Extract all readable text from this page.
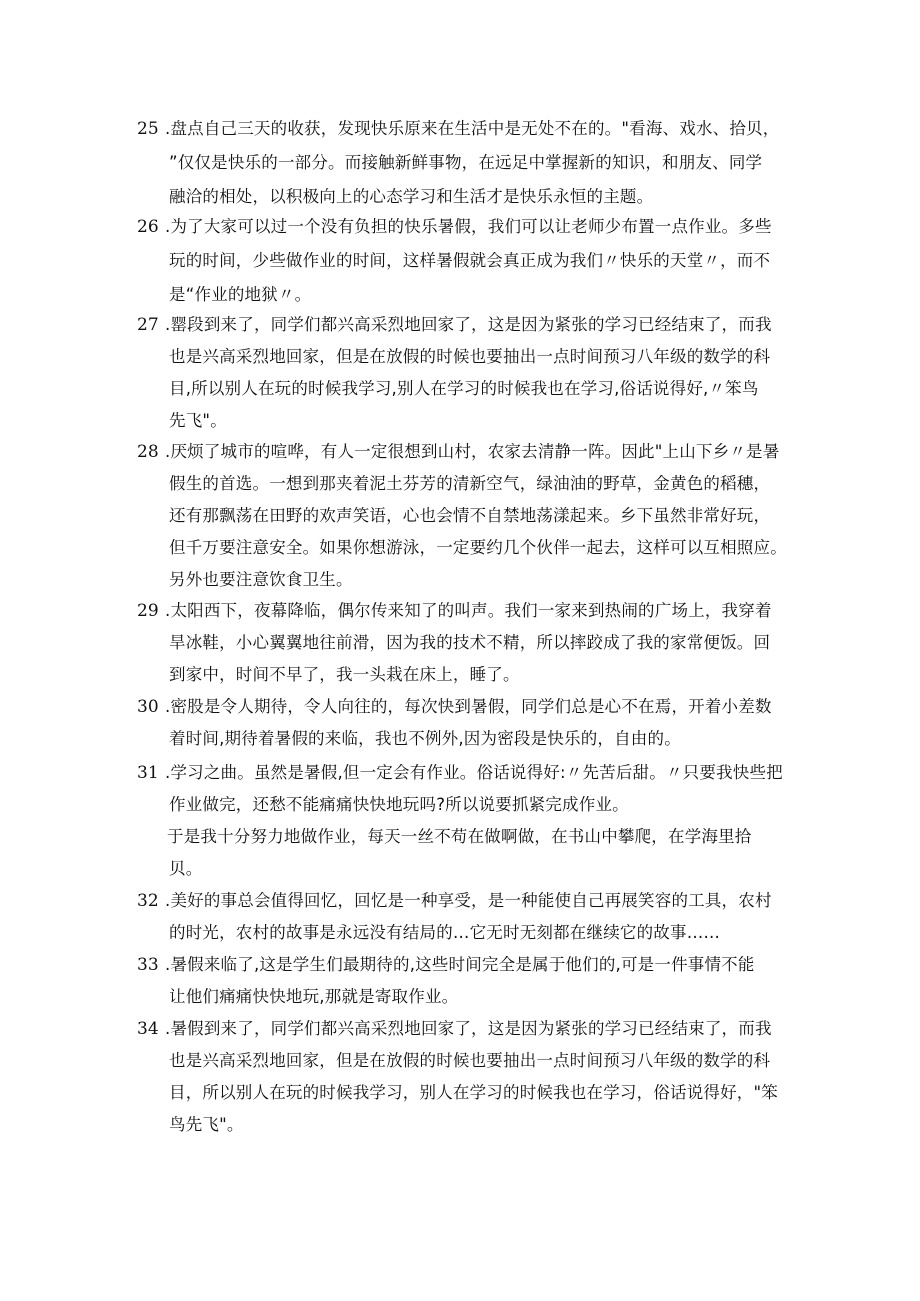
25 .盘点自己三天的收获，发现快乐原来在生活中是无处不在的。"看海、戏水、拾贝，
”仅仅是快乐的一部分。而接触新鲜事物，在远足中掌握新的知识，和朋友、同学
融洽的相处，以积极向上的心态学习和生活才是快乐永恒的主题。
26 .为了大家可以过一个没有负担的快乐暑假，我们可以让老师少布置一点作业。多些
玩的时间，少些做作业的时间，这样暑假就会真正成为我们〃快乐的天堂〃，而不
是“作业的地狱〃。
27 .罂段到来了，同学们都兴高采烈地回家了，这是因为紧张的学习已经结束了，而我
也是兴高采烈地回家，但是在放假的时候也要抽出一点时间预习八年级的数学的科
目,所以别人在玩的时候我学习,别人在学习的时候我也在学习,俗话说得好,〃笨鸟
先飞"。
28 .厌烦了城市的喧哗，有人一定很想到山村，农家去清静一阵。因此"上山下乡〃是暑
假生的首选。一想到那夹着泥土芬芳的清新空气，绿油油的野草，金黄色的稻穗，
还有那飘荡在田野的欢声笑语，心也会情不自禁地荡漾起来。乡下虽然非常好玩，
但千万要注意安全。如果你想游泳，一定要约几个伙伴一起去，这样可以互相照应。
另外也要注意饮食卫生。
29 .太阳西下，夜幕降临，偶尔传来知了的叫声。我们一家来到热闹的广场上，我穿着
旱冰鞋，小心翼翼地往前滑，因为我的技术不精，所以摔跤成了我的家常便饭。回
到家中，时间不早了，我一头栽在床上，睡了。
30 .密股是令人期待，令人向往的，每次快到暑假，同学们总是心不在焉，开着小差数
着时间,期待着暑假的来临，我也不例外,因为密段是快乐的，自由的。
31 .学习之曲。虽然是暑假,但一定会有作业。俗话说得好:〃先苦后甜。〃只要我快些把
作业做完，还愁不能痛痛快快地玩吗?所以说要抓紧完成作业。
于是我十分努力地做作业，每天一丝不苟在做啊做，在书山中攀爬，在学海里拾
贝。
32 .美好的事总会值得回忆，回忆是一种享受，是一种能使自己再展笑容的工具，农村
的时光，农村的故事是永远没有结局的…它无时无刻都在继续它的故事……
33 .暑假来临了,这是学生们最期待的,这些时间完全是属于他们的,可是一件事情不能
让他们痛痛快快地玩,那就是寄取作业。
34 .暑假到来了，同学们都兴高采烈地回家了，这是因为紧张的学习已经结束了，而我
也是兴高采烈地回家，但是在放假的时候也要抽出一点时间预习八年级的数学的科
目，所以别人在玩的时候我学习，别人在学习的时候我也在学习，俗话说得好，"笨
鸟先飞"。
